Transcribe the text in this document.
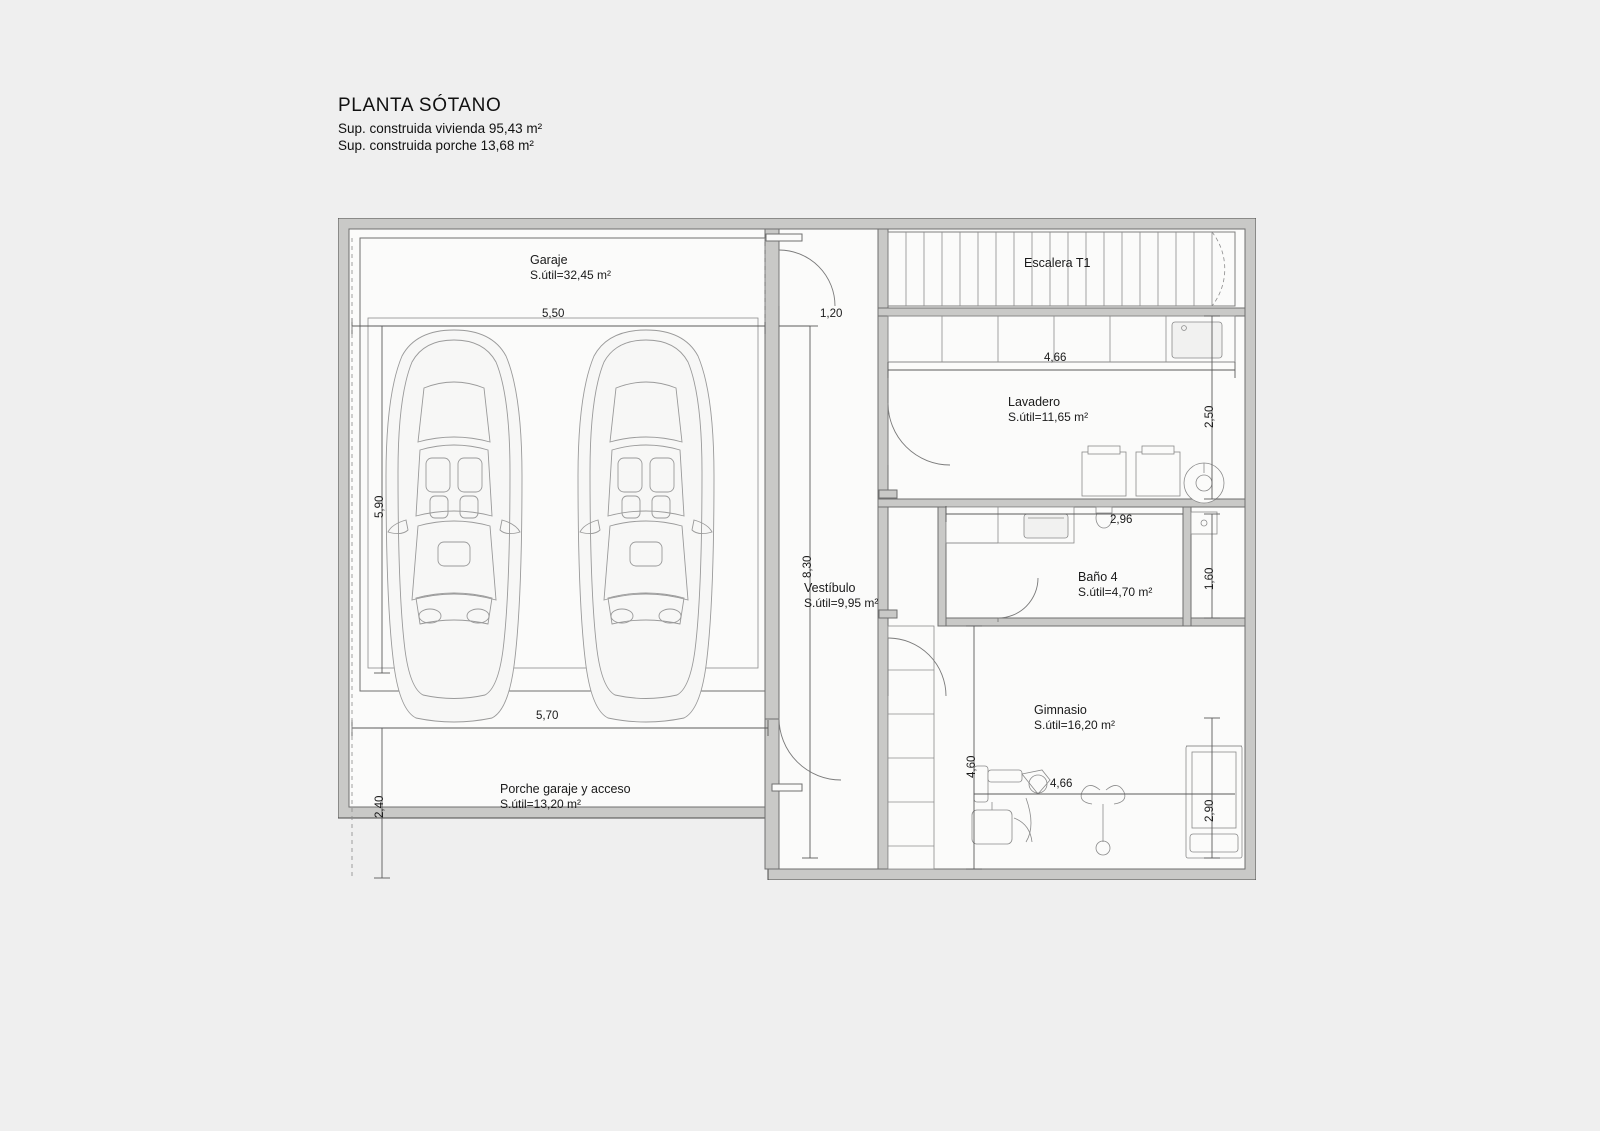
PLANTA SÓTANO
Sup. construida vivienda 95,43 m²
Sup. construida porche 13,68 m²
Garaje
S.útil=32,45 m²
Vestíbulo
S.útil=9,95 m²
Porche garaje y acceso
S.útil=13,20 m²
Lavadero
S.útil=11,65 m²
Baño 4
S.útil=4,70 m²
Gimnasio
S.útil=16,20 m²
Escalera T1
5,50
5,90
5,70
2,40
8,30
1,20
4,66
2,50
2,96
1,60
4,60
4,66
2,90
